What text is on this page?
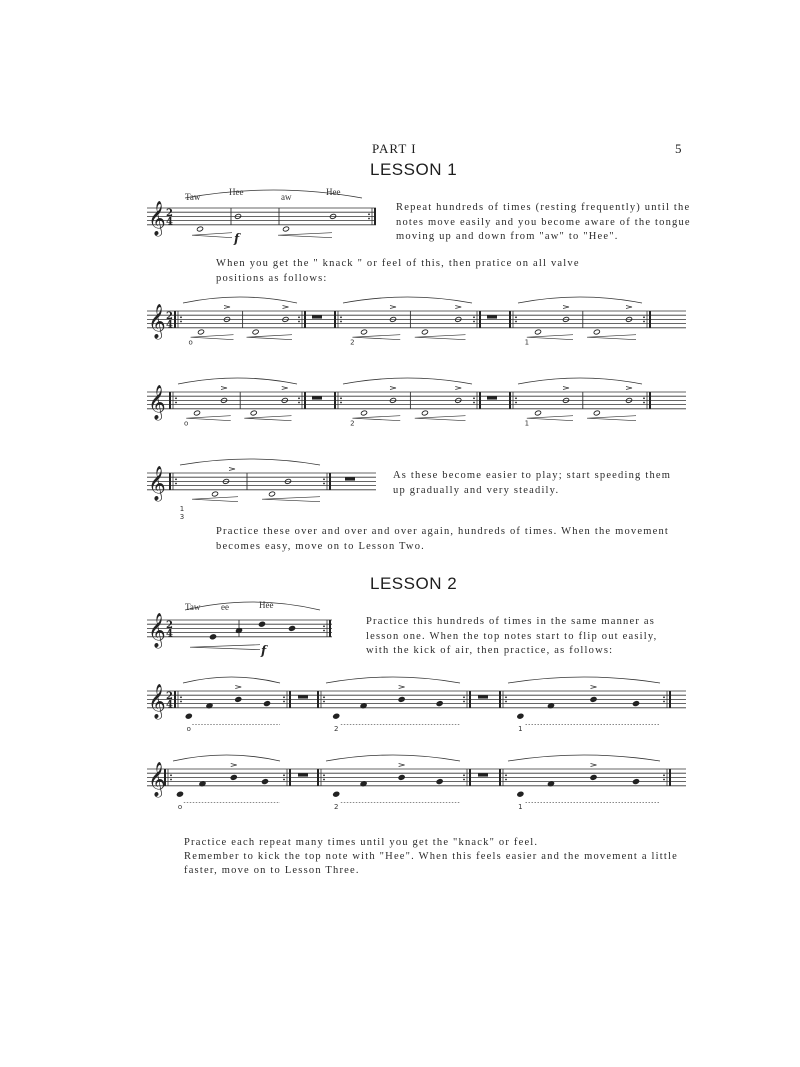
PART I	5
LESSON 1
Taw	Hee	aw	Hee
Repeat hundreds of times (resting frequently) until the
notes move easily and you become aware of the tongue
moving up and down from "aw" to "Hee".
When you get the " knack " or feel of this, then pratice on all valve
positions as follows:
As these become easier to play; start speeding them
up gradually and very steadily.
Practice these over and over and over again, hundreds of times. When the movement
becomes easy, move on to Lesson Two.
LESSON 2
Taw ee	Hee
Practice this hundreds of times in the same manner as
lesson one. When the top notes start to flip out easily,
with the kick of air, then practice, as follows:
Practice each repeat many times until you get the "knack" or feel.
Remember to kick the top note with "Hee". When this feels easier and the movement a little
faster, move on to Lesson Three.
𝄞 2
4
f
𝄞 2
4
o	2	1
𝄞
o	2	1
𝄞
1
3
𝄞 2
4
f
𝄞 2
4
o	2	1
𝄞
o	2	1
